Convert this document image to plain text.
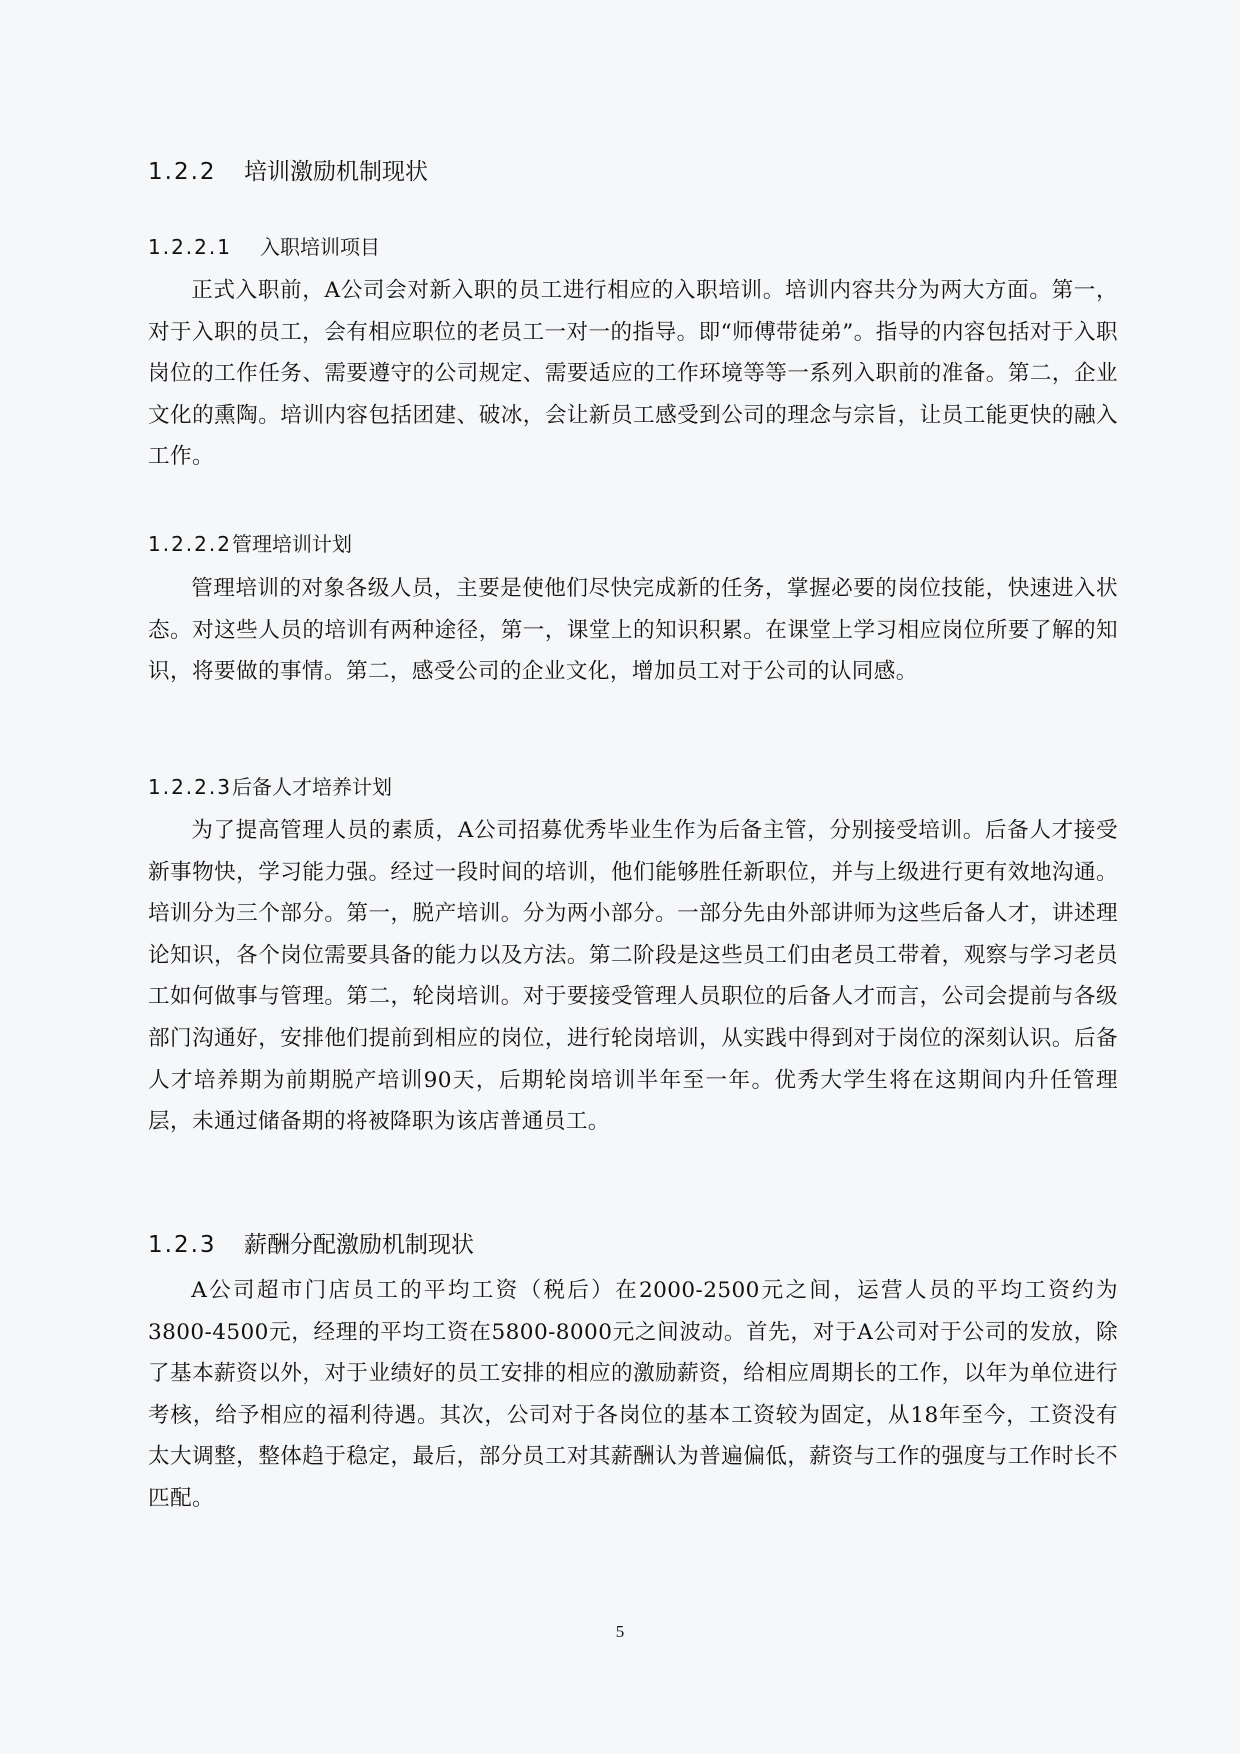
1.2.2 培训激励机制现状
1.2.2.1 入职培训项目

正式入职前，A公司会对新入职的员工进行相应的入职培训。培训内容共分为两大方面。第一，对于入职的员工，会有相应职位的老员工一对一的指导。即“师傅带徒弟”。指导的内容包括对于入职岗位的工作任务、需要遵守的公司规定、需要适应的工作环境等等一系列入职前的准备。第二，企业文化的熏陶。培训内容包括团建、破冰，会让新员工感受到公司的理念与宗旨，让员工能更快的融入工作。

1.2.2.2管理培训计划

管理培训的对象各级人员，主要是使他们尽快完成新的任务，掌握必要的岗位技能，快速进入状态。对这些人员的培训有两种途径，第一，课堂上的知识积累。在课堂上学习相应岗位所要了解的知识，将要做的事情。第二，感受公司的企业文化，增加员工对于公司的认同感。

1.2.2.3后备人才培养计划

为了提高管理人员的素质，A公司招募优秀毕业生作为后备主管，分别接受培训。后备人才接受新事物快，学习能力强。经过一段时间的培训，他们能够胜任新职位，并与上级进行更有效地沟通。培训分为三个部分。第一，脱产培训。分为两小部分。一部分先由外部讲师为这些后备人才，讲述理论知识，各个岗位需要具备的能力以及方法。第二阶段是这些员工们由老员工带着，观察与学习老员工如何做事与管理。第二，轮岗培训。对于要接受管理人员职位的后备人才而言，公司会提前与各级部门沟通好，安排他们提前到相应的岗位，进行轮岗培训，从实践中得到对于岗位的深刻认识。后备人才培养期为前期脱产培训90天，后期轮岗培训半年至一年。优秀大学生将在这期间内升任管理层，未通过储备期的将被降职为该店普通员工。

1.2.3 薪酬分配激励机制现状

A公司超市门店员工的平均工资（税后）在2000-2500元之间，运营人员的平均工资约为3800-4500元，经理的平均工资在5800-8000元之间波动。首先，对于A公司对于公司的发放，除了基本薪资以外，对于业绩好的员工安排的相应的激励薪资，给相应周期长的工作，以年为单位进行考核，给予相应的福利待遇。其次，公司对于各岗位的基本工资较为固定，从18年至今，工资没有太大调整，整体趋于稳定，最后，部分员工对其薪酬认为普遍偏低，薪资与工作的强度与工作时长不匹配。

5
